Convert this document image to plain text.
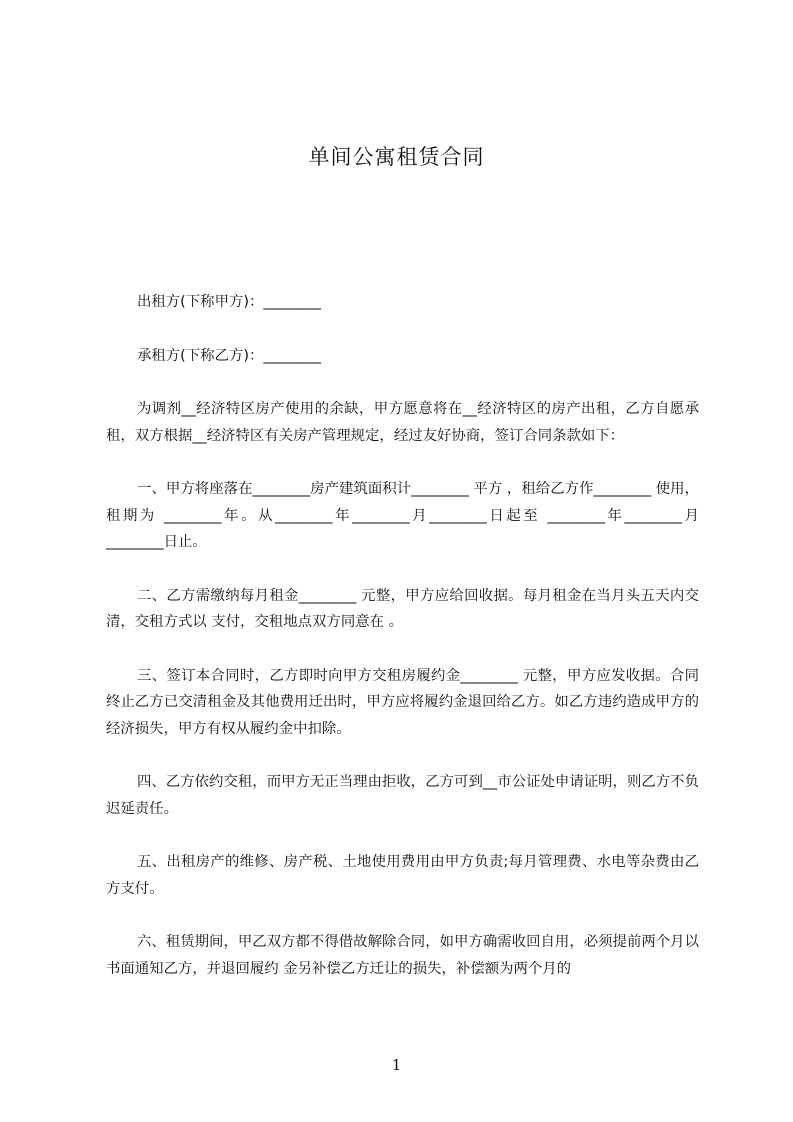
单间公寓租赁合同
出租方(下称甲方)：________
承租方(下称乙方)：________

为调剂__经济特区房产使用的余缺，甲方愿意将在__经济特区的房产出租，乙方自愿承租，双方根据__经济特区有关房产管理规定，经过友好协商，签订合同条款如下：

一、甲方将座落在________房产建筑面积计________ 平方 ，租给乙方作________ 使用，租期为 ________年。从________年________月________日起至 ________年________月________日止。

二、乙方需缴纳每月租金________ 元整，甲方应给回收据。每月租金在当月头五天内交清，交租方式以 支付，交租地点双方同意在 。

三、签订本合同时，乙方即时向甲方交租房履约金________ 元整，甲方应发收据。合同终止乙方已交清租金及其他费用迁出时，甲方应将履约金退回给乙方。如乙方违约造成甲方的经济损失，甲方有权从履约金中扣除。

四、乙方依约交租，而甲方无正当理由拒收，乙方可到__市公证处申请证明，则乙方不负迟延责任。

五、出租房产的维修、房产税、土地使用费用由甲方负责;每月管理费、水电等杂费由乙方支付。

六、租赁期间，甲乙双方都不得借故解除合同，如甲方确需收回自用，必须提前两个月以书面通知乙方，并退回履约 金另补偿乙方迁让的损失，补偿额为两个月的

1
